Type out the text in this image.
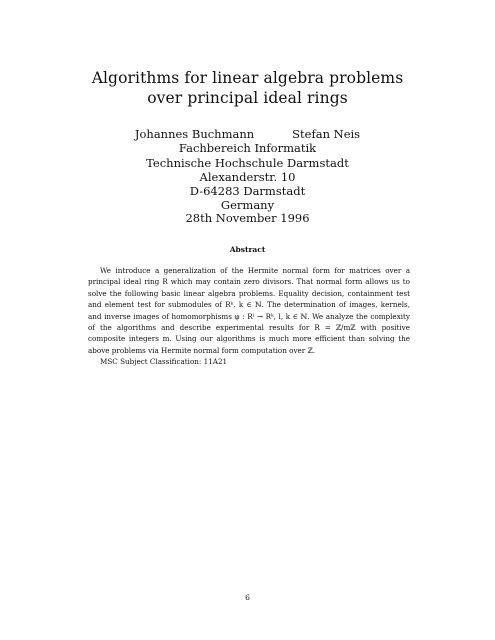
Algorithms for linear algebra problems
over principal ideal rings
Johannes Buchmann	Stefan Neis
Fachbereich Informatik
Technische Hochschule Darmstadt
Alexanderstr. 10
D-64283 Darmstadt
Germany
28th November 1996
Abstract

We introduce a generalization of the Hermite normal form for matrices over a principal ideal ring R which may contain zero divisors. That normal form allows us to solve the following basic linear algebra problems. Equality decision, containment test and element test for submodules of Rᵏ, k ∈ ℕ. The determination of images, kernels, and inverse images of homomorphisms φ : Rˡ → Rᵏ, l, k ∈ ℕ. We analyze the complexity of the algorithms and describe experimental results for R = ℤ/mℤ with positive composite integers m. Using our algorithms is much more efficient than solving the above problems via Hermite normal form computation over ℤ.

MSC Subject Classification: 11A21

6
